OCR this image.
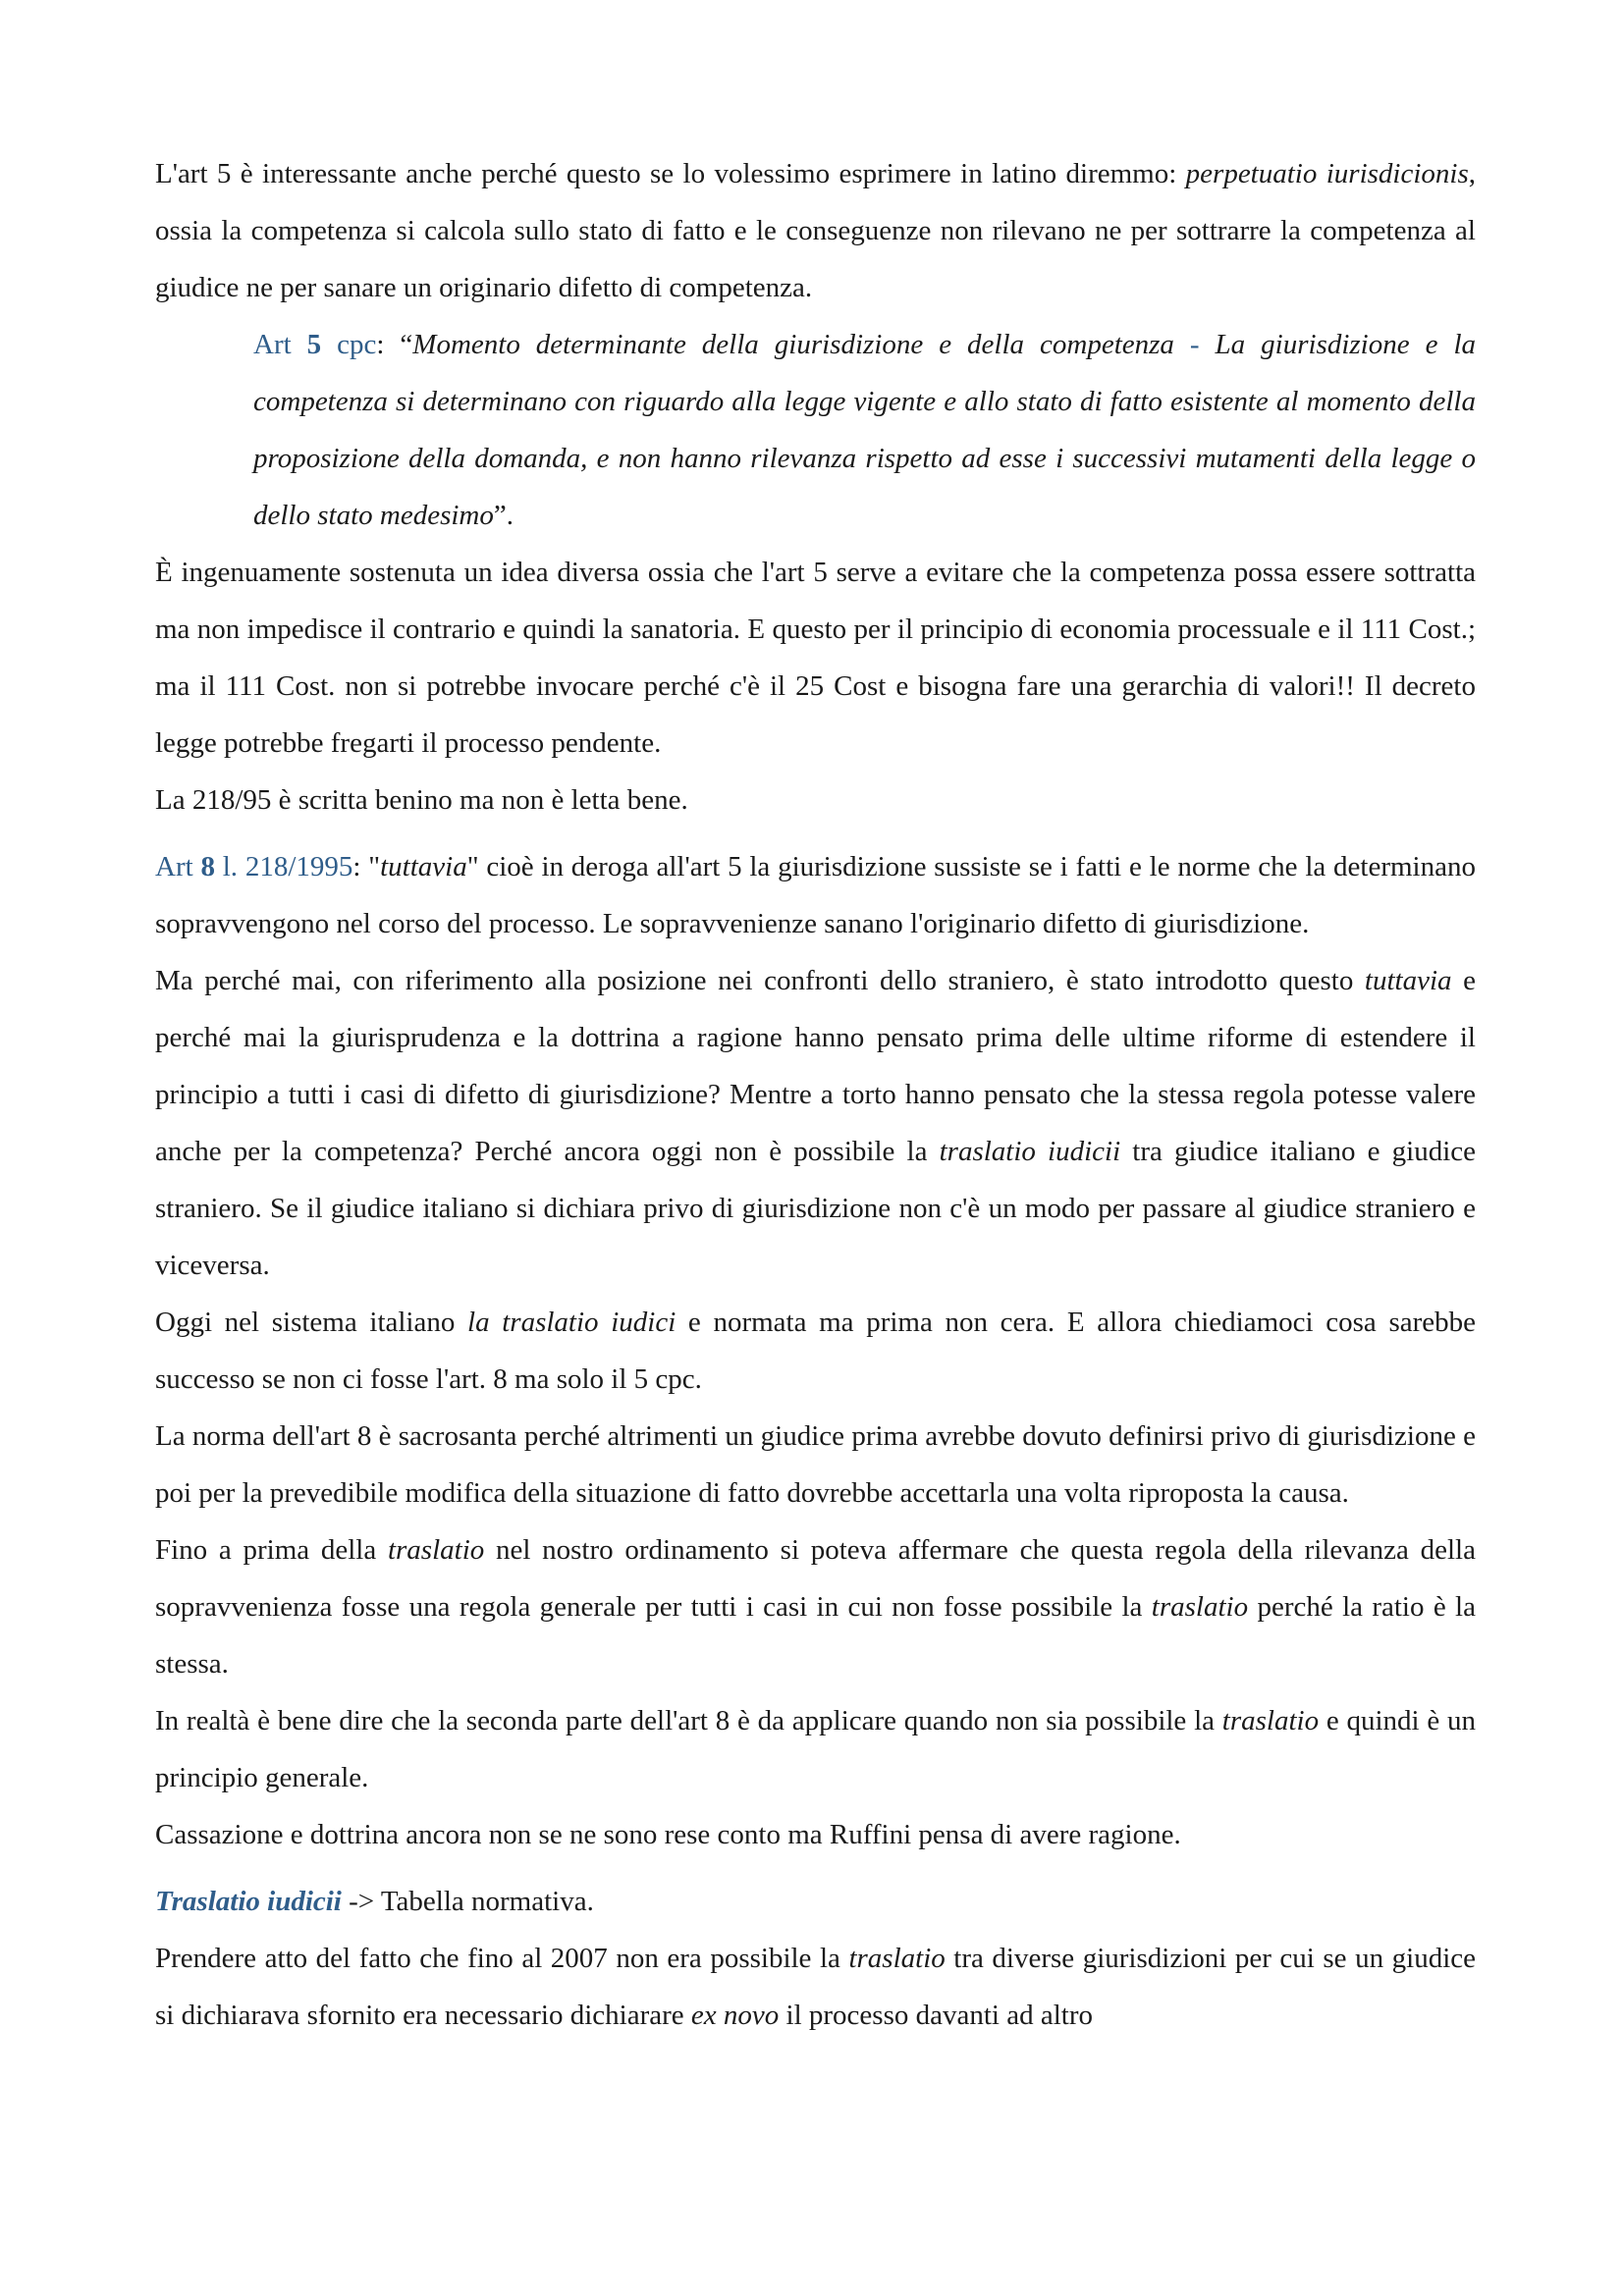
L'art 5 è interessante anche perché questo se lo volessimo esprimere in latino diremmo: perpetuatio iurisdicionis, ossia la competenza si calcola sullo stato di fatto e le conseguenze non rilevano ne per sottrarre la competenza al giudice ne per sanare un originario difetto di competenza.

Art 5 cpc: “Momento determinante della giurisdizione e della competenza - La giurisdizione e la competenza si determinano con riguardo alla legge vigente e allo stato di fatto esistente al momento della proposizione della domanda, e non hanno rilevanza rispetto ad esse i successivi mutamenti della legge o dello stato medesimo”.

È ingenuamente sostenuta un idea diversa ossia che l'art 5 serve a evitare che la competenza possa essere sottratta ma non impedisce il contrario e quindi la sanatoria. E questo per il principio di economia processuale e il 111 Cost.; ma il 111 Cost. non si potrebbe invocare perché c'è il 25 Cost e bisogna fare una gerarchia di valori!! Il decreto legge potrebbe fregarti il processo pendente.

La 218/95 è scritta benino ma non è letta bene.

Art 8 l. 218/1995: "tuttavia" cioè in deroga all'art 5 la giurisdizione sussiste se i fatti e le norme che la determinano sopravvengono nel corso del processo. Le sopravvenienze sanano l'originario difetto di giurisdizione.

Ma perché mai, con riferimento alla posizione nei confronti dello straniero, è stato introdotto questo tuttavia e perché mai la giurisprudenza e la dottrina a ragione hanno pensato prima delle ultime riforme di estendere il principio a tutti i casi di difetto di giurisdizione? Mentre a torto hanno pensato che la stessa regola potesse valere anche per la competenza? Perché ancora oggi non è possibile la traslatio iudicii tra giudice italiano e giudice straniero. Se il giudice italiano si dichiara privo di giurisdizione non c'è un modo per passare al giudice straniero e viceversa.

Oggi nel sistema italiano la traslatio iudici e normata ma prima non cera. E allora chiediamoci cosa sarebbe successo se non ci fosse l'art. 8 ma solo il 5 cpc.

La norma dell'art 8 è sacrosanta perché altrimenti un giudice prima avrebbe dovuto definirsi privo di giurisdizione e poi per la prevedibile modifica della situazione di fatto dovrebbe accettarla una volta riproposta la causa.

Fino a prima della traslatio nel nostro ordinamento si poteva affermare che questa regola della rilevanza della sopravvenienza fosse una regola generale per tutti i casi in cui non fosse possibile la traslatio perché la ratio è la stessa.

In realtà è bene dire che la seconda parte dell'art 8 è da applicare quando non sia possibile la traslatio e quindi è un principio generale.

Cassazione e dottrina ancora non se ne sono rese conto ma Ruffini pensa di avere ragione.

Traslatio iudicii -> Tabella normativa.

Prendere atto del fatto che fino al 2007 non era possibile la traslatio tra diverse giurisdizioni per cui se un giudice si dichiarava sfornito era necessario dichiarare ex novo il processo davanti ad altro
